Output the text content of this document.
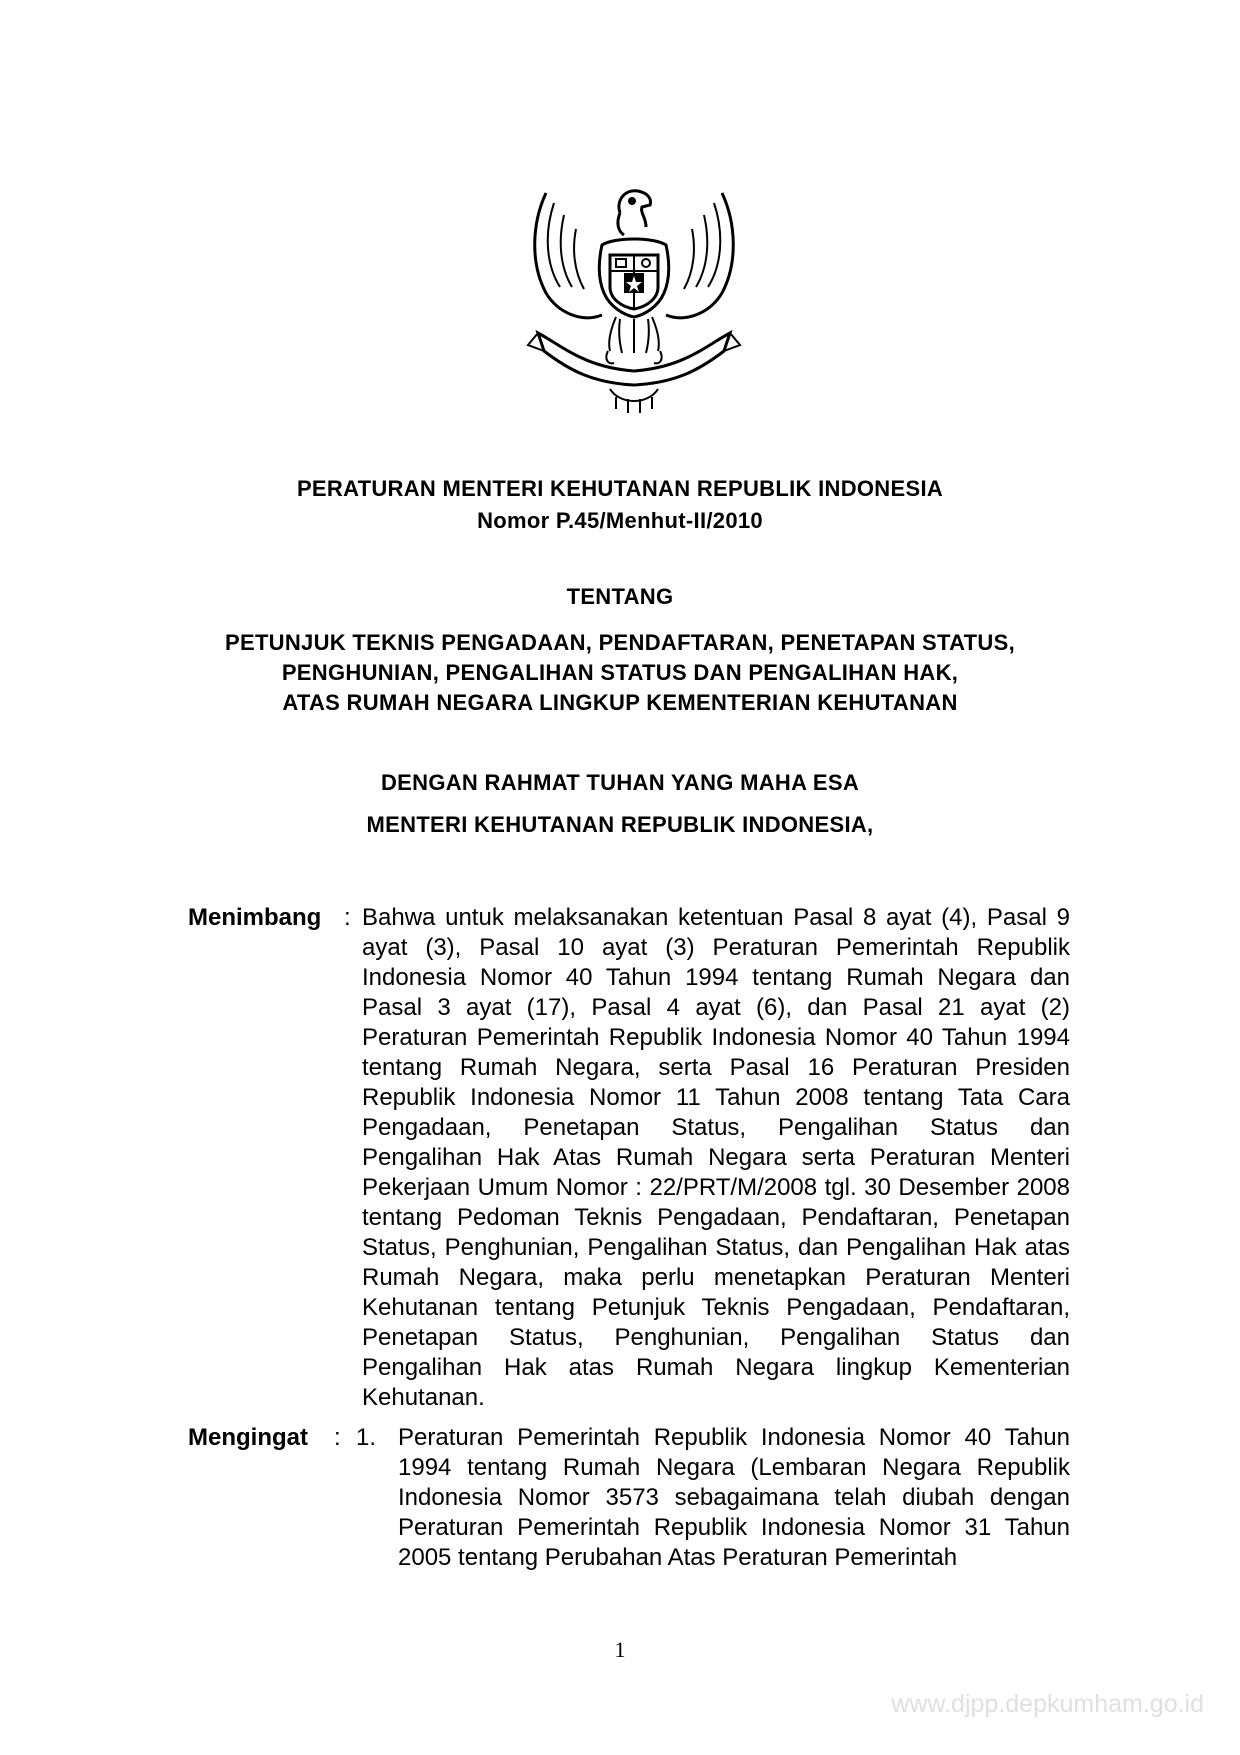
PERATURAN MENTERI KEHUTANAN REPUBLIK INDONESIA
Nomor P.45/Menhut-II/2010
TENTANG
PETUNJUK TEKNIS PENGADAAN, PENDAFTARAN, PENETAPAN STATUS,
PENGHUNIAN, PENGALIHAN STATUS DAN PENGALIHAN HAK,
ATAS RUMAH NEGARA LINGKUP KEMENTERIAN KEHUTANAN
DENGAN RAHMAT TUHAN YANG MAHA ESA
MENTERI KEHUTANAN REPUBLIK INDONESIA,
Menimbang : Bahwa untuk melaksanakan ketentuan Pasal 8 ayat (4), Pasal 9 ayat (3), Pasal 10 ayat (3) Peraturan Pemerintah Republik Indonesia Nomor 40 Tahun 1994 tentang Rumah Negara dan Pasal 3 ayat (17), Pasal 4 ayat (6), dan Pasal 21 ayat (2) Peraturan Pemerintah Republik Indonesia Nomor 40 Tahun 1994 tentang Rumah Negara, serta Pasal 16 Peraturan Presiden Republik Indonesia Nomor 11 Tahun 2008 tentang Tata Cara Pengadaan, Penetapan Status, Pengalihan Status dan Pengalihan Hak Atas Rumah Negara serta Peraturan Menteri Pekerjaan Umum Nomor : 22/PRT/M/2008 tgl. 30 Desember 2008 tentang Pedoman Teknis Pengadaan, Pendaftaran, Penetapan Status, Penghunian, Pengalihan Status, dan Pengalihan Hak atas Rumah Negara, maka perlu menetapkan Peraturan Menteri Kehutanan tentang Petunjuk Teknis Pengadaan, Pendaftaran, Penetapan Status, Penghunian, Pengalihan Status dan Pengalihan Hak atas Rumah Negara lingkup Kementerian Kehutanan.

Mengingat : 1. Peraturan Pemerintah Republik Indonesia Nomor 40 Tahun 1994 tentang Rumah Negara (Lembaran Negara Republik Indonesia Nomor 3573 sebagaimana telah diubah dengan Peraturan Pemerintah Republik Indonesia Nomor 31 Tahun 2005 tentang Perubahan Atas Peraturan Pemerintah

1
www.djpp.depkumham.go.id
